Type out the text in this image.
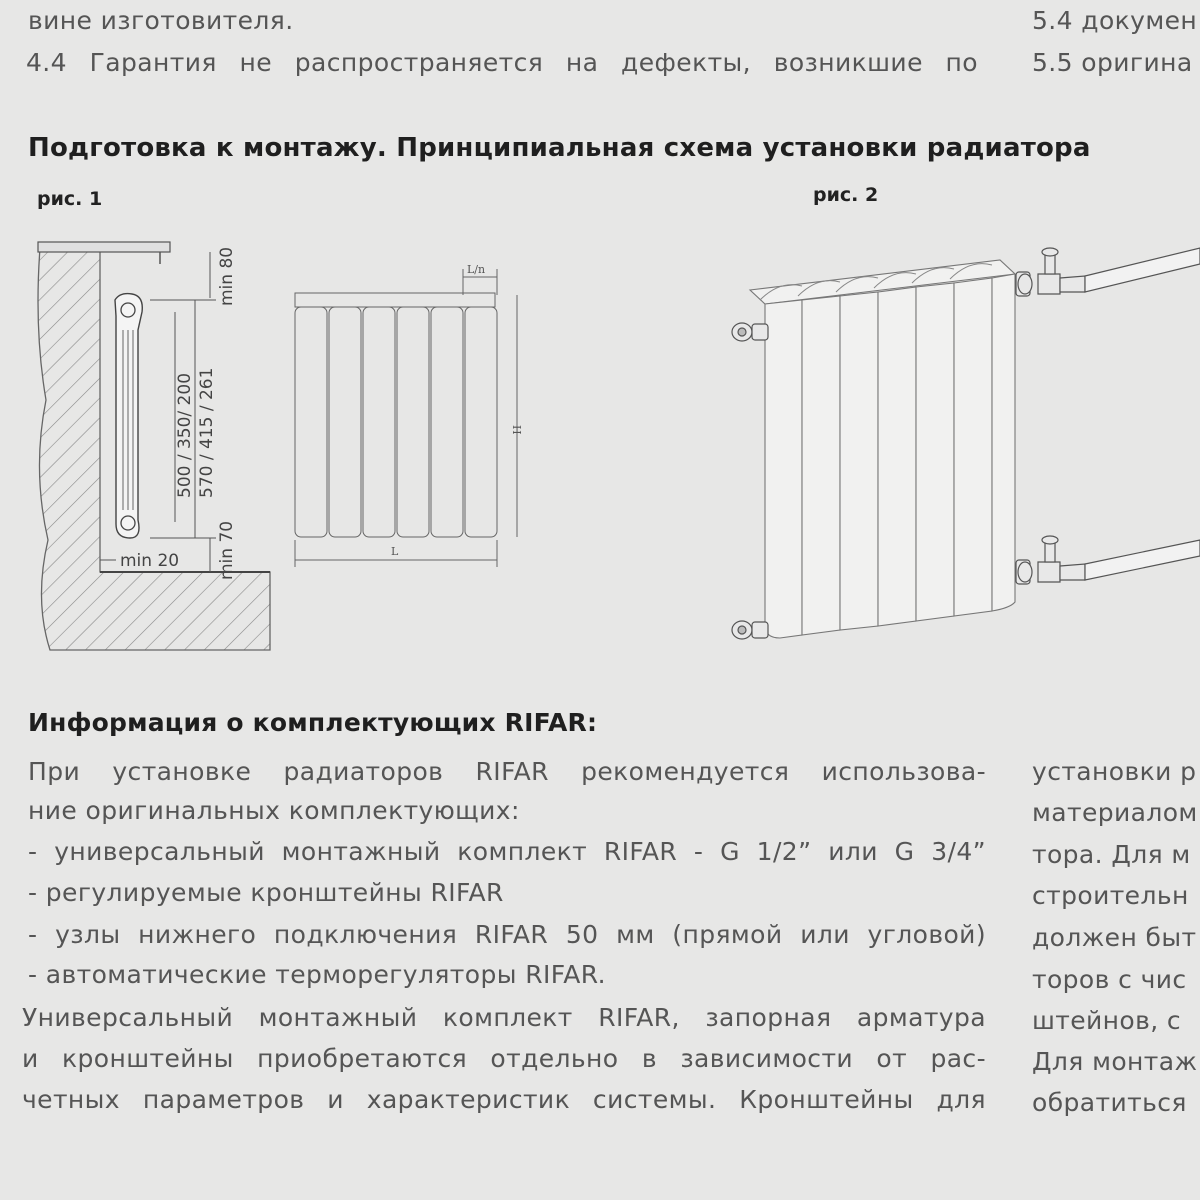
вине изготовителя.
4.4 Гарантия не распространяется на дефекты, возникшие по
5.4 докумен
5.5 оригина
Подготовка к монтажу. Принципиальная схема установки радиатора
рис. 1	рис. 2
min 80
500 / 350/ 200 570 / 415 / 261
min 70
min 20
L/n
H
L
Информация о комплектующих RIFAR:
При установке радиаторов RIFAR рекомендуется использова-
ние оригинальных комплектующих:
- универсальный монтажный комплект RIFAR - G 1/2” или G 3/4”
- регулируемые кронштейны RIFAR
- узлы нижнего подключения RIFAR 50 мм (прямой или угловой)
- автоматические терморегуляторы RIFAR.
Универсальный монтажный комплект RIFAR, запорная арматура
и кронштейны приобретаются отдельно в зависимости от рас-
четных параметров и характеристик системы. Кронштейны для
установки р
материалом
тора. Для м
строительн
должен быт
торов с чис
штейнов, с
Для монтаж
обратиться
